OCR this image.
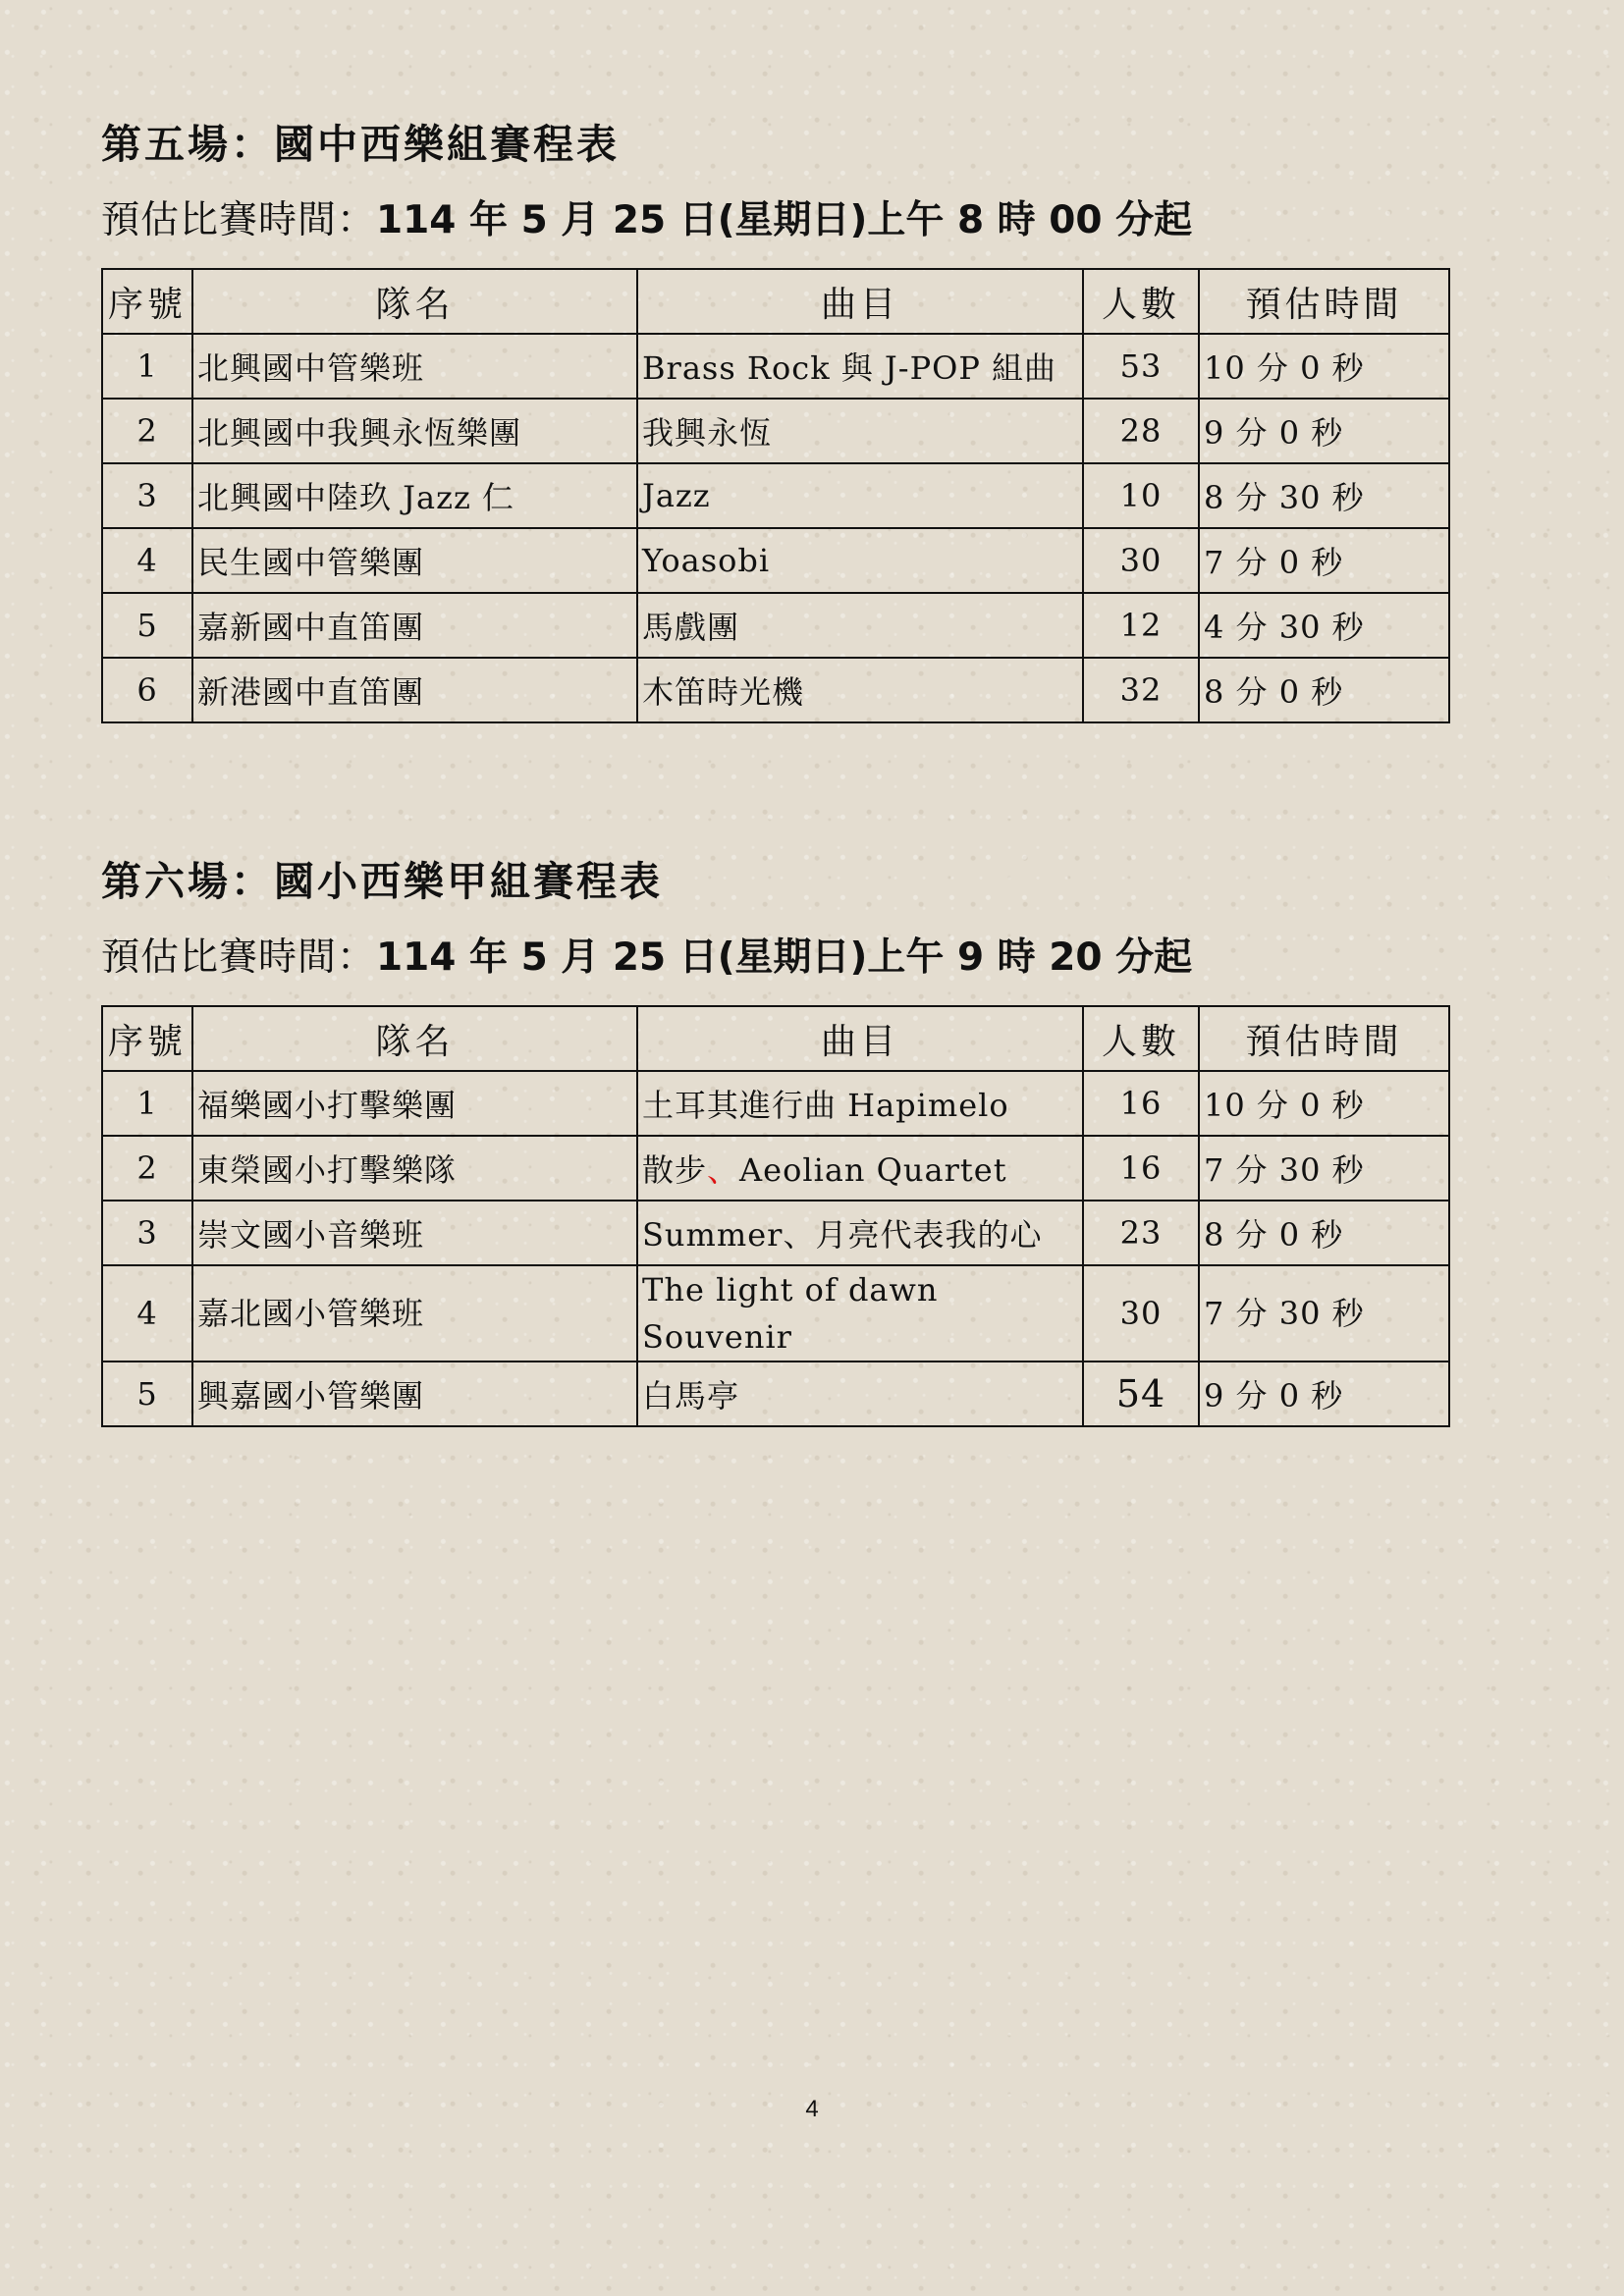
第五場：國中西樂組賽程表

預估比賽時間：114 年 5 月 25 日(星期日)上午 8 時 00 分起

序號	隊名	曲目	人數	預估時間
1	北興國中管樂班	Brass Rock 與 J-POP 組曲	53	10 分 0 秒
2	北興國中我興永恆樂團	我興永恆	28	9 分 0 秒
3	北興國中陸玖 Jazz 仁	Jazz	10	8 分 30 秒
4	民生國中管樂團	Yoasobi	30	7 分 0 秒
5	嘉新國中直笛團	馬戲團	12	4 分 30 秒
6	新港國中直笛團	木笛時光機	32	8 分 0 秒
第六場：國小西樂甲組賽程表

預估比賽時間：114 年 5 月 25 日(星期日)上午 9 時 20 分起

序號	隊名	曲目	人數	預估時間
1	福樂國小打擊樂團	土耳其進行曲 Hapimelo	16	10 分 0 秒
2	東榮國小打擊樂隊	散步、Aeolian Quartet	16	7 分 30 秒
3	崇文國小音樂班	Summer、月亮代表我的心	23	8 分 0 秒
4	嘉北國小管樂班	The light of dawn
Souvenir	30	7 分 30 秒
5	興嘉國小管樂團	白馬亭	54	9 分 0 秒
4
